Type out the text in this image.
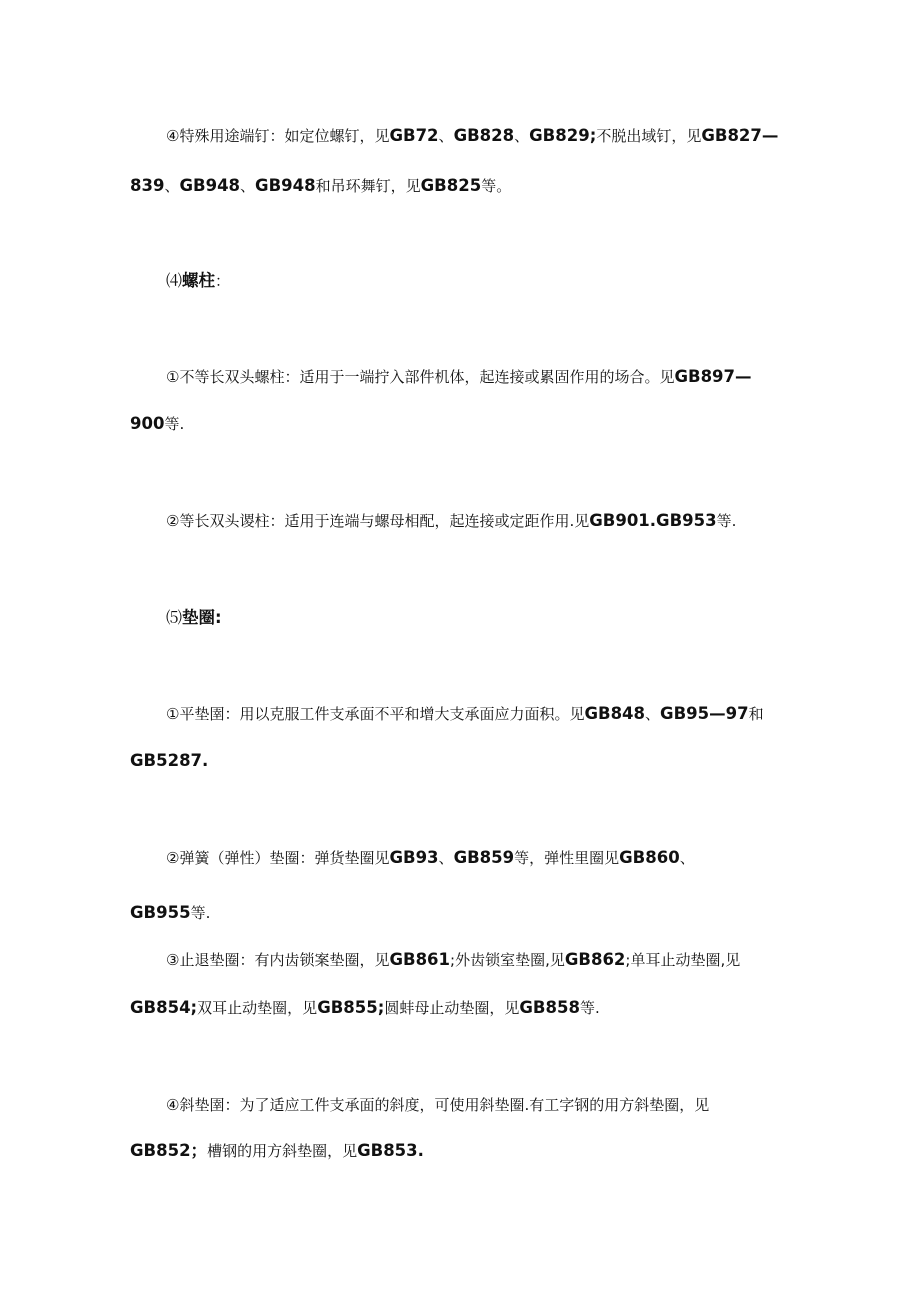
④特殊用途端钉：如定位螺钉，见GB72、GB828、GB829;不脱出域钉，见GB827—
839、GB948、GB948和吊环舞钉，见GB825等。
⑷螺柱：
①不等长双头螺柱：适用于一端拧入部件机体，起连接或累固作用的场合。见GB897—
900等.
②等长双头谡柱：适用于连端与螺母相配，起连接或定距作用.见GB901.GB953等.
⑸垫圈:
①平垫圉：用以克服工件支承面不平和增大支承面应力面积。见GB848、GB95—97和
GB5287.
②弹簧（弹性）垫圈：弹货垫圈见GB93、GB859等，弹性里圈见GB860、
GB955等.
③止退垫圈：有内齿锁案垫圈，见GB861;外齿锁室垫圈,见GB862;单耳止动垫圈,见
GB854;双耳止动垫圈，见GB855;圆蚌母止动垫圈，见GB858等.
④斜垫圉：为了适应工件支承面的斜度，可使用斜垫圈.有工字钢的用方斜垫圈，见
GB852；槽钢的用方斜垫圈，见GB853.
